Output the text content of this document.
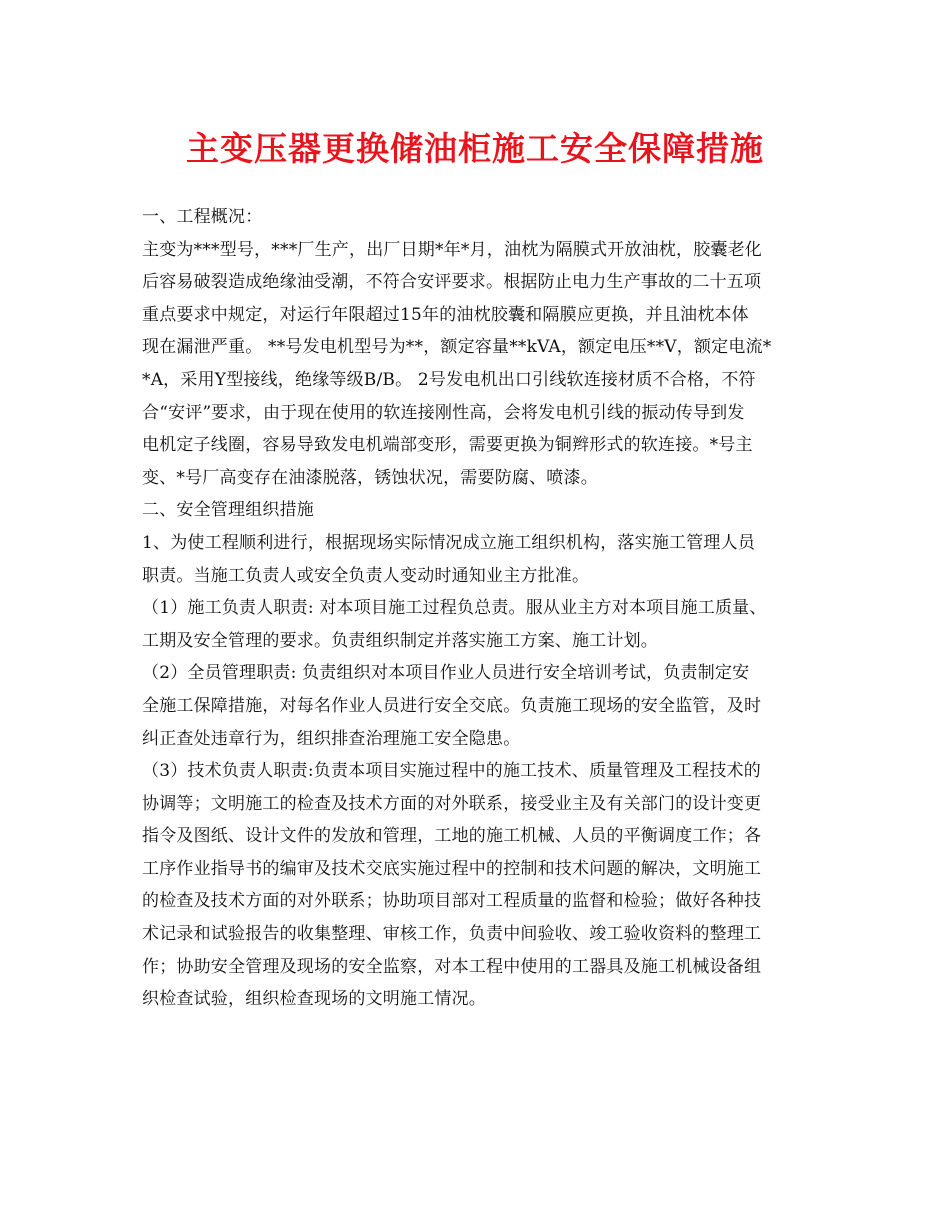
主变压器更换储油柜施工安全保障措施
一、工程概况：
主变为***型号，***厂生产，出厂日期*年*月，油枕为隔膜式开放油枕，胶囊老化
后容易破裂造成绝缘油受潮，不符合安评要求。根据防止电力生产事故的二十五项
重点要求中规定，对运行年限超过15年的油枕胶囊和隔膜应更换，并且油枕本体
现在漏泄严重。 **号发电机型号为**，额定容量**kVA，额定电压**V，额定电流*
*A，采用Y型接线，绝缘等级B/B。 2号发电机出口引线软连接材质不合格，不符
合“安评”要求，由于现在使用的软连接刚性高，会将发电机引线的振动传导到发
电机定子线圈，容易导致发电机端部变形，需要更换为铜辫形式的软连接。*号主
变、*号厂高变存在油漆脱落，锈蚀状况，需要防腐、喷漆。
二、安全管理组织措施
1、为使工程顺利进行，根据现场实际情况成立施工组织机构，落实施工管理人员
职责。当施工负责人或安全负责人变动时通知业主方批准。
（1）施工负责人职责: 对本项目施工过程负总责。服从业主方对本项目施工质量、
工期及安全管理的要求。负责组织制定并落实施工方案、施工计划。
（2）全员管理职责: 负责组织对本项目作业人员进行安全培训考试，负责制定安
全施工保障措施，对每名作业人员进行安全交底。负责施工现场的安全监管，及时
纠正查处违章行为，组织排查治理施工安全隐患。
（3）技术负责人职责:负责本项目实施过程中的施工技术、质量管理及工程技术的
协调等；文明施工的检查及技术方面的对外联系，接受业主及有关部门的设计变更
指令及图纸、设计文件的发放和管理，工地的施工机械、人员的平衡调度工作；各
工序作业指导书的编审及技术交底实施过程中的控制和技术问题的解决，文明施工
的检查及技术方面的对外联系；协助项目部对工程质量的监督和检验；做好各种技
术记录和试验报告的收集整理、审核工作，负责中间验收、竣工验收资料的整理工
作；协助安全管理及现场的安全监察，对本工程中使用的工器具及施工机械设备组
织检查试验，组织检查现场的文明施工情况。
